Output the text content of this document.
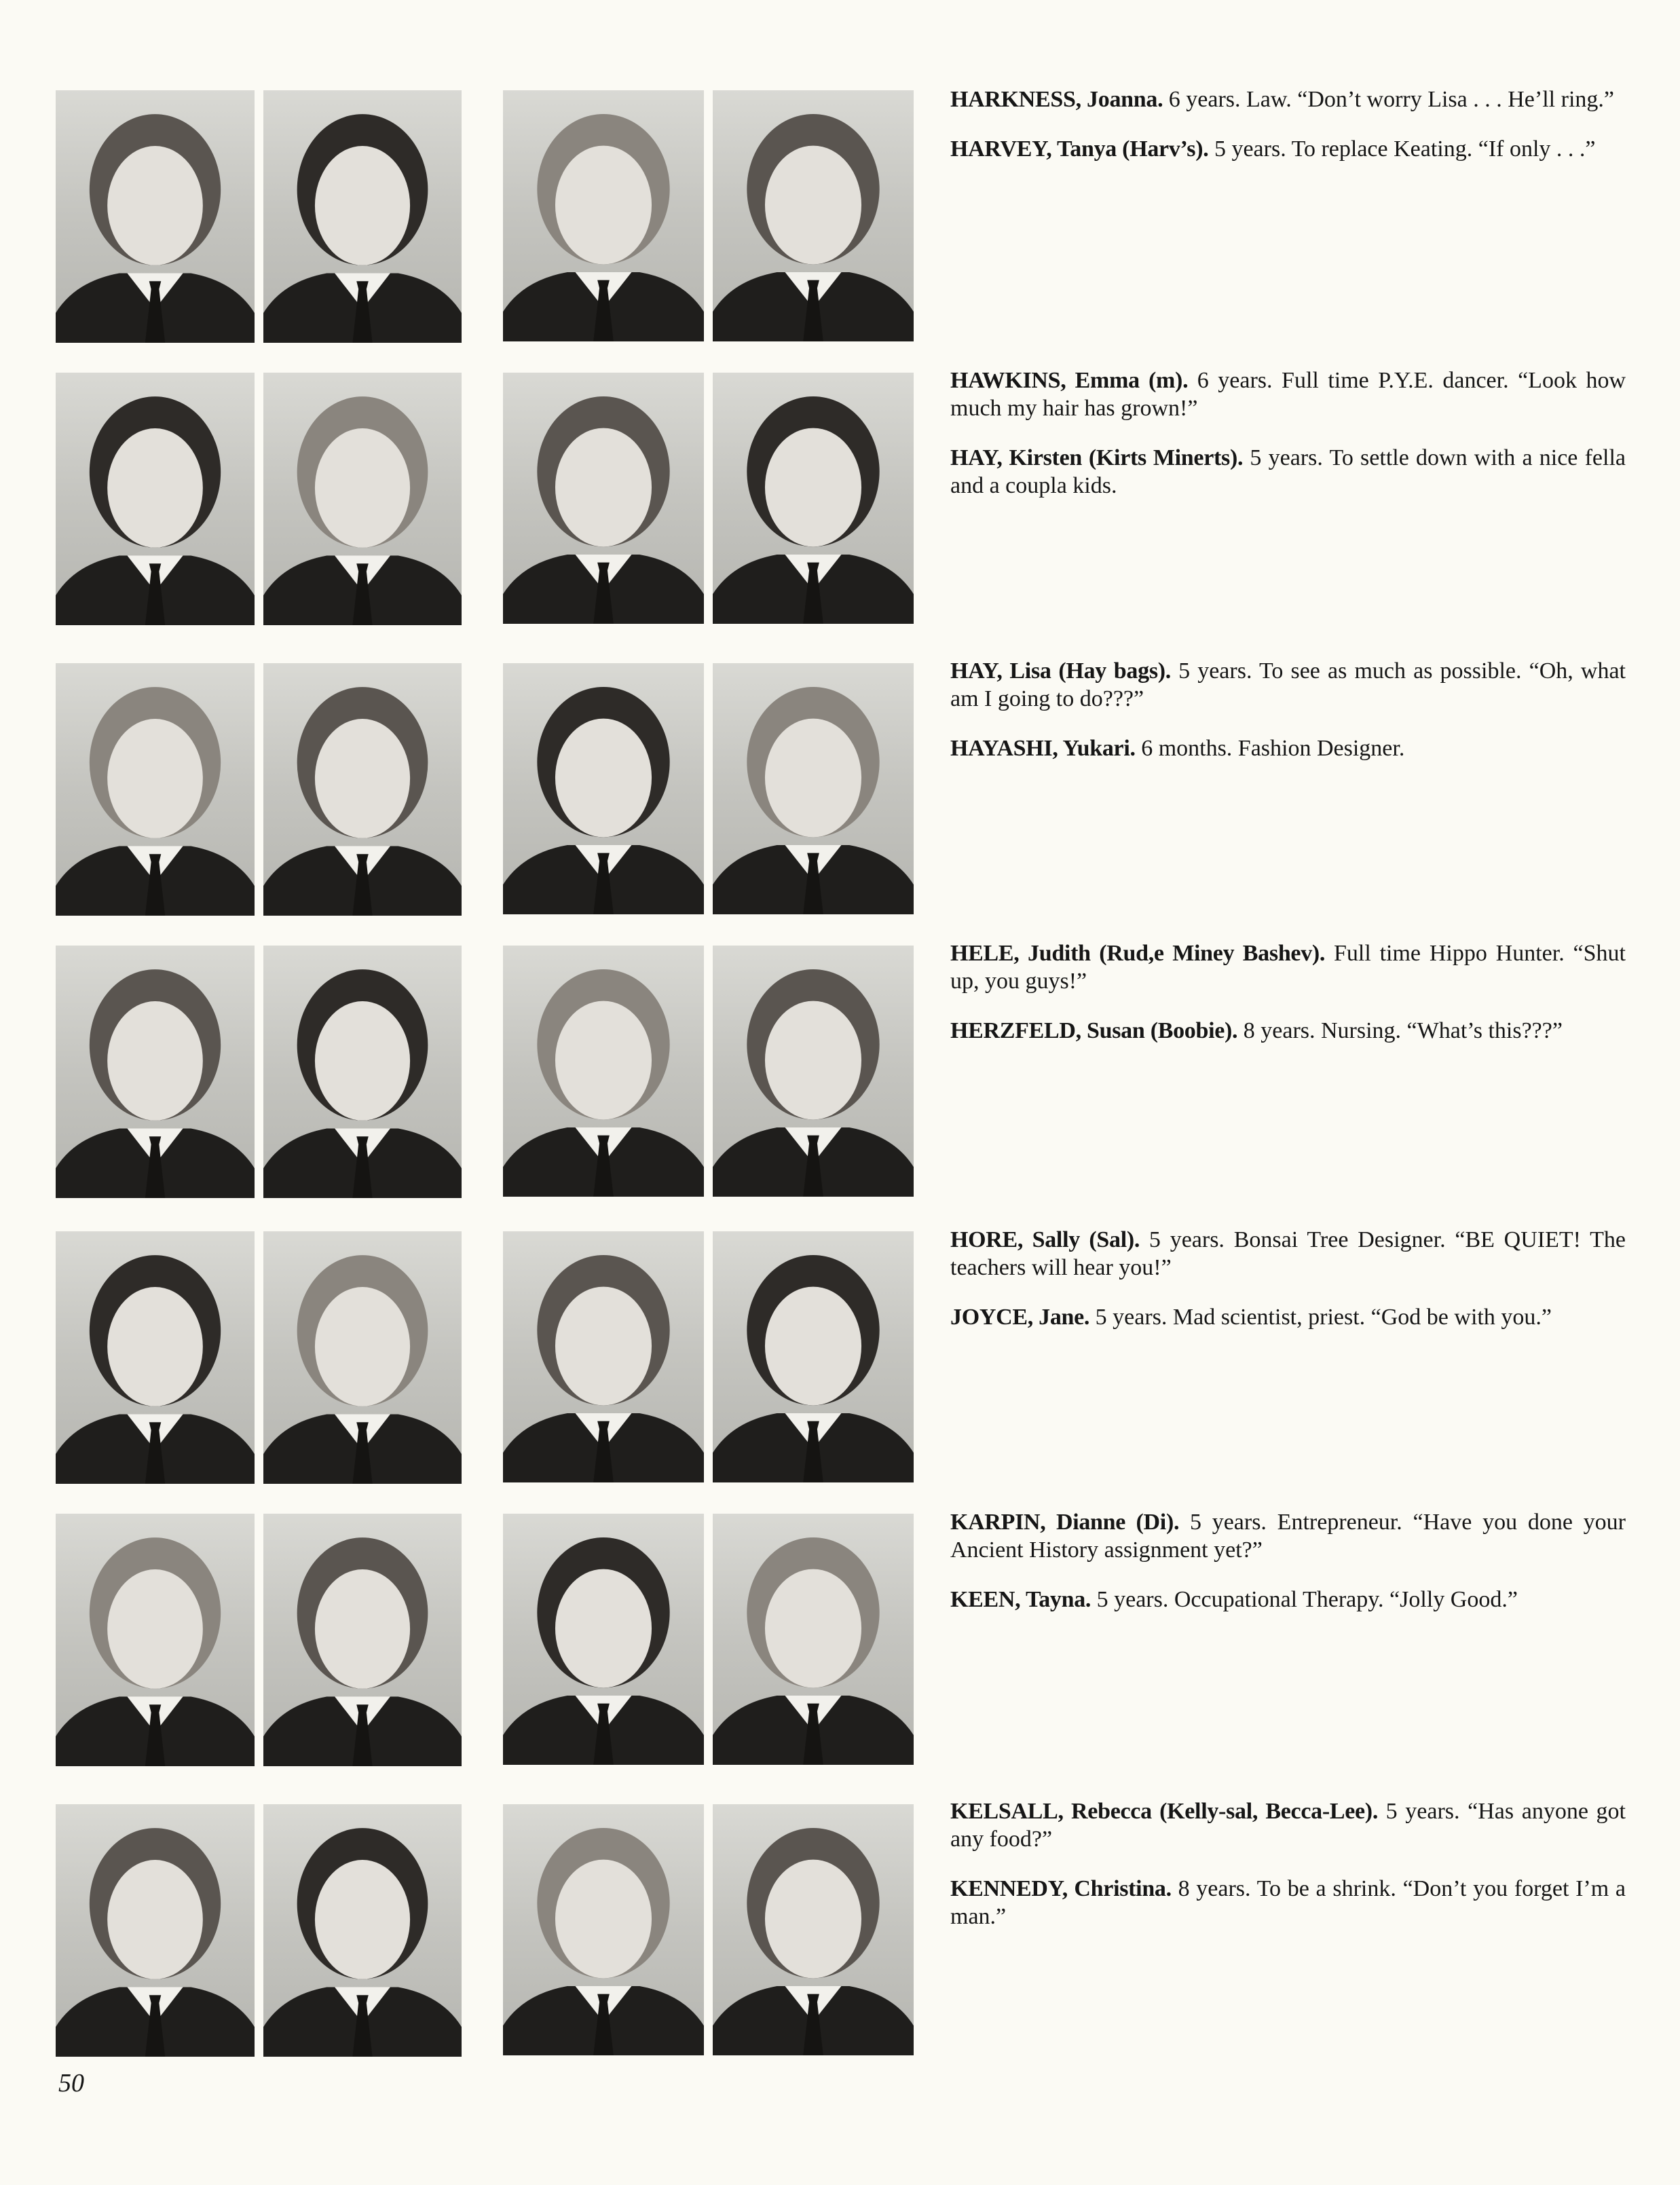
HARKNESS, Joanna. 6 years. Law. “Don’t worry Lisa . . . He’ll ring.”

HARVEY, Tanya (Harv’s). 5 years. To replace Keating. “If only . . .”

HAWKINS, Emma (m). 6 years. Full time P.Y.E. dancer. “Look how much my hair has grown!”

HAY, Kirsten (Kirts Minerts). 5 years. To settle down with a nice fella and a coupla kids.

HAY, Lisa (Hay bags). 5 years. To see as much as possible. “Oh, what am I going to do???”

HAYASHI, Yukari. 6 months. Fashion Designer.

HELE, Judith (Rud,e Miney Bashev). Full time Hippo Hunter. “Shut up, you guys!”

HERZFELD, Susan (Boobie). 8 years. Nursing. “What’s this???”

HORE, Sally (Sal). 5 years. Bonsai Tree Designer. “BE QUIET! The teachers will hear you!”

JOYCE, Jane. 5 years. Mad scientist, priest. “God be with you.”

KARPIN, Dianne (Di). 5 years. Entrepreneur. “Have you done your Ancient History assignment yet?”

KEEN, Tayna. 5 years. Occupational Therapy. “Jolly Good.”

KELSALL, Rebecca (Kelly-sal, Becca-Lee). 5 years. “Has anyone got any food?”

KENNEDY, Christina. 8 years. To be a shrink. “Don’t you forget I’m a man.”

50
